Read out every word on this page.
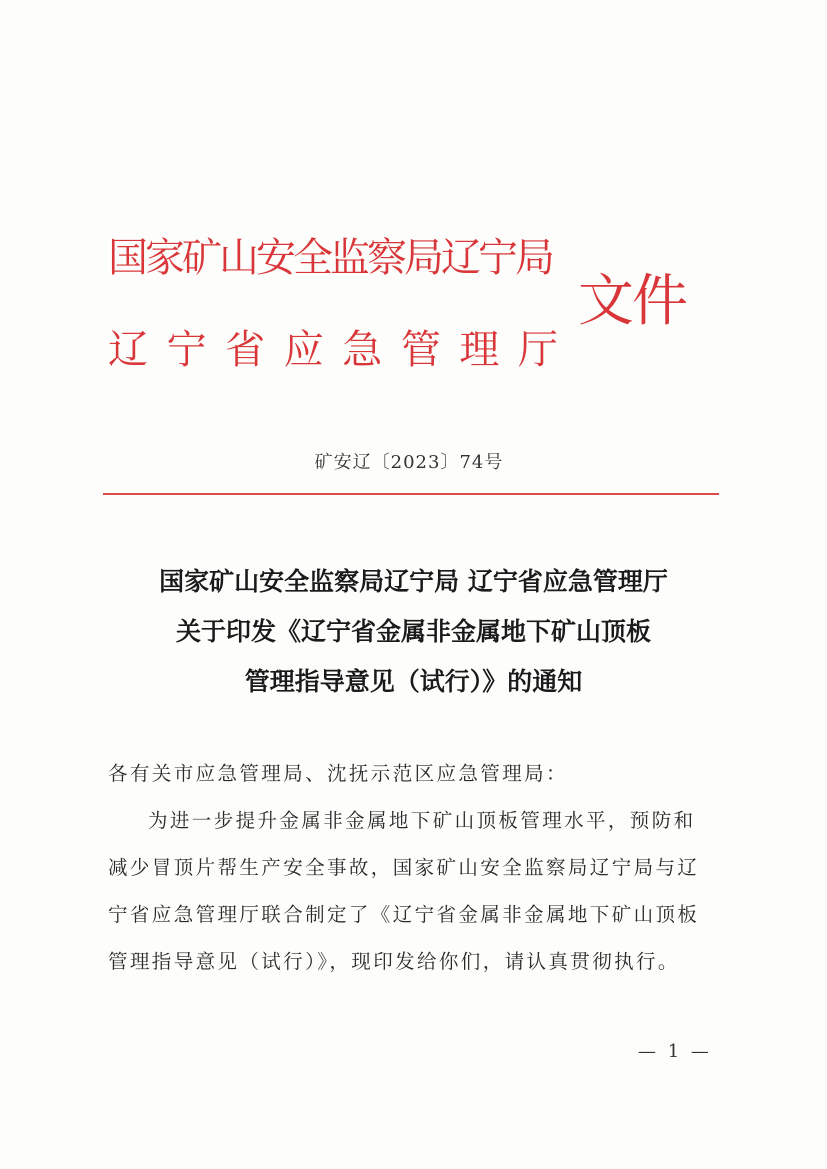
国家矿山安全监察局辽宁局
辽 宁 省 应 急 管 理 厅
文件
矿安辽〔2023〕74号
国家矿山安全监察局辽宁局 辽宁省应急管理厅
关于印发《辽宁省金属非金属地下矿山顶板
管理指导意见（试行）》的通知
各有关市应急管理局、沈抚示范区应急管理局：
为进一步提升金属非金属地下矿山顶板管理水平，预防和
减少冒顶片帮生产安全事故，国家矿山安全监察局辽宁局与辽
宁省应急管理厅联合制定了《辽宁省金属非金属地下矿山顶板
管理指导意见（试行）》，现印发给你们，请认真贯彻执行。
— 1 —
